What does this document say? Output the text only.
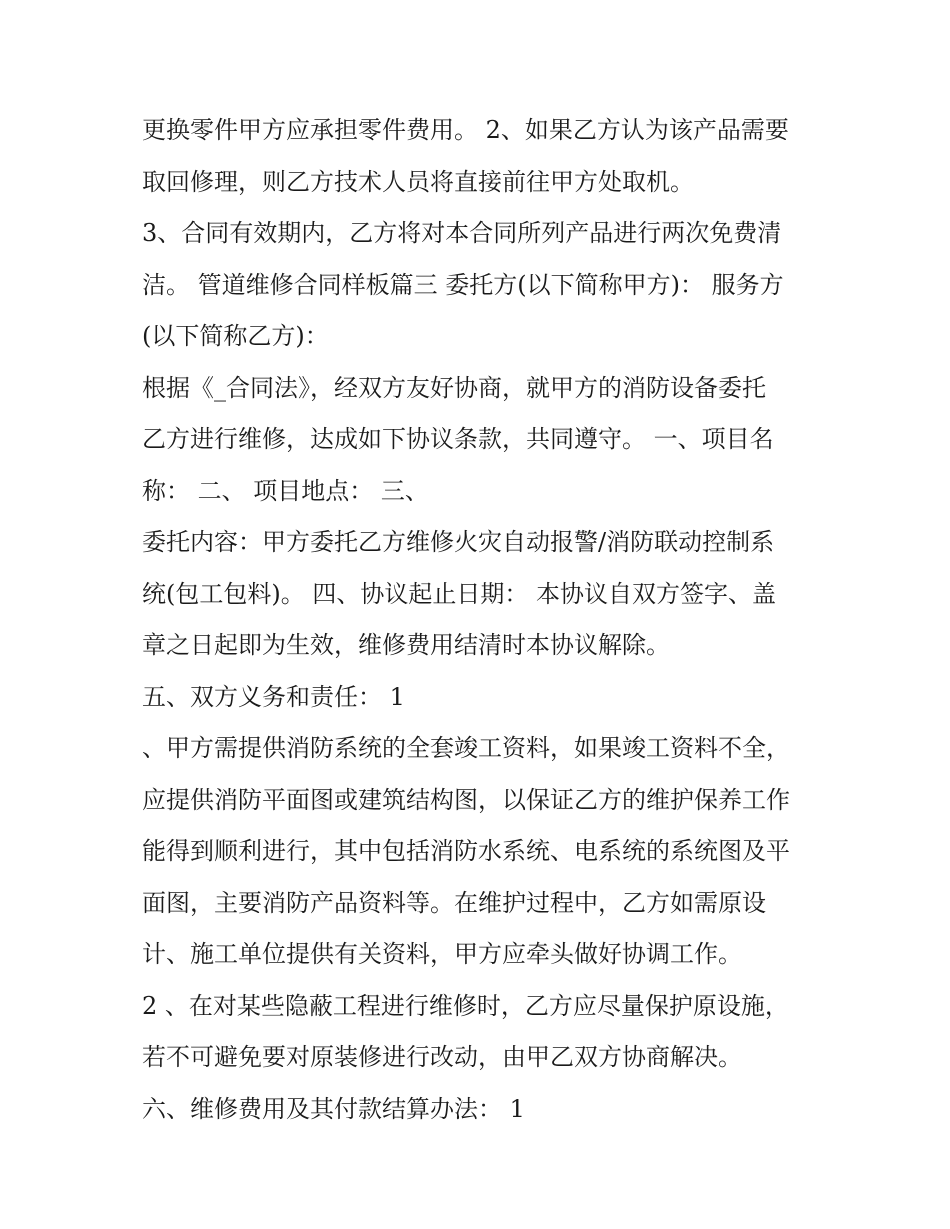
更换零件甲方应承担零件费用。 2、如果乙方认为该产品需要
取回修理，则乙方技术人员将直接前往甲方处取机。
3、合同有效期内，乙方将对本合同所列产品进行两次免费清
洁。 管道维修合同样板篇三 委托方(以下简称甲方)： 服务方
(以下简称乙方)：
根据《_合同法》，经双方友好协商，就甲方的消防设备委托
乙方进行维修，达成如下协议条款，共同遵守。 一、项目名
称： 二、 项目地点： 三、
委托内容：甲方委托乙方维修火灾自动报警/消防联动控制系
统(包工包料)。 四、协议起止日期： 本协议自双方签字、盖
章之日起即为生效，维修费用结清时本协议解除。
五、双方义务和责任： 1
、甲方需提供消防系统的全套竣工资料，如果竣工资料不全，
应提供消防平面图或建筑结构图，以保证乙方的维护保养工作
能得到顺利进行，其中包括消防水系统、电系统的系统图及平
面图，主要消防产品资料等。在维护过程中，乙方如需原设
计、施工单位提供有关资料，甲方应牵头做好协调工作。
2 、在对某些隐蔽工程进行维修时，乙方应尽量保护原设施，
若不可避免要对原装修进行改动，由甲乙双方协商解决。
六、维修费用及其付款结算办法： 1
